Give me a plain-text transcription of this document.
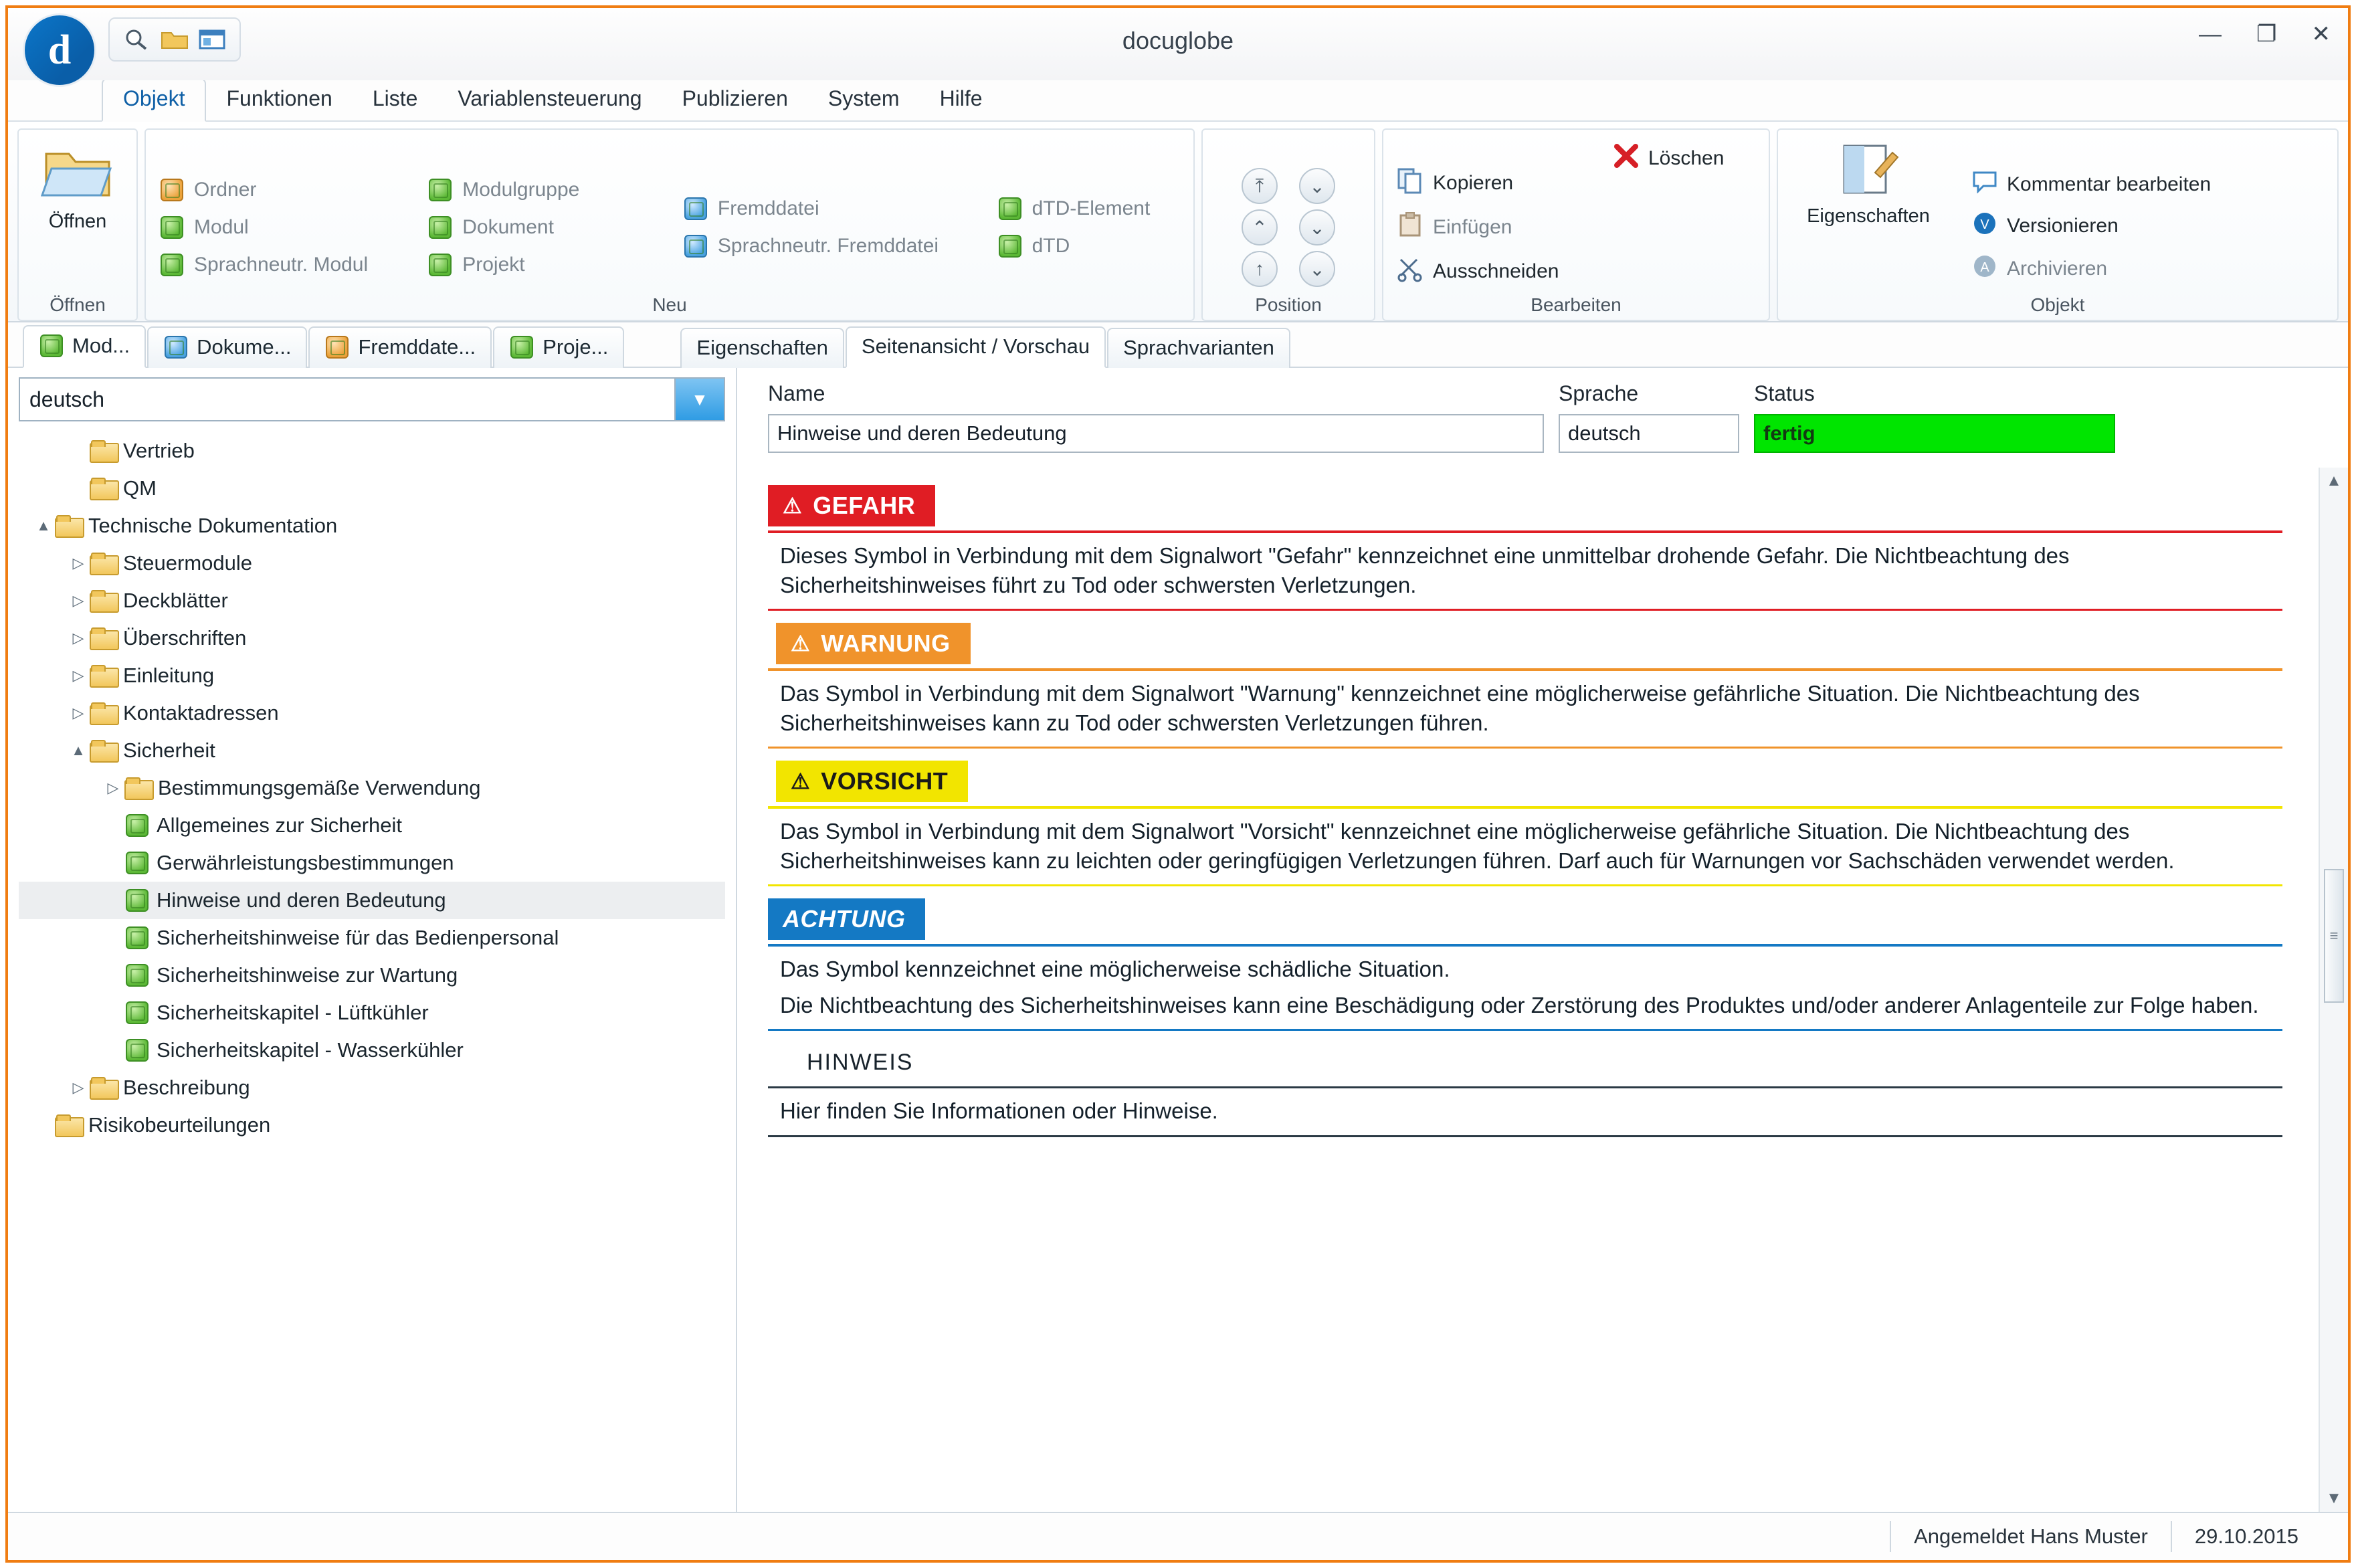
d	docuglobe	— ❐ ✕
Objekt	Funktionen	Liste	Variablensteuerung	Publizieren	System	Hilfe
Öffnen
Öffnen
Ordner
Modul
Sprachneutr. Modul
Modulgruppe
Dokument
Projekt
Fremddatei
Sprachneutr. Fremddatei
dTD-Element
dTD
Neu
⤒	⌄
⌃	⌄
↑	⌄
Position
Kopieren
Einfügen
Ausschneiden
Löschen
Bearbeiten
Eigenschaften
Kommentar bearbeiten
V Versionieren
A Archivieren
Objekt
Mod...	Dokume...	Fremddate...	Proje...	Eigenschaften Seitenansicht / Vorschau Sprachvarianten
deutsch	▼
Vertrieb
QM
▲	Technische Dokumentation
▷	Steuermodule
▷	Deckblätter
▷	Überschriften
▷	Einleitung
▷	Kontaktadressen
▲	Sicherheit
▷	Bestimmungsgemäße Verwendung
Allgemeines zur Sicherheit
Gerwährleistungsbestimmungen
Hinweise und deren Bedeutung
Sicherheitshinweise für das Bedienpersonal
Sicherheitshinweise zur Wartung
Sicherheitskapitel - Lüftkühler
Sicherheitskapitel - Wasserkühler
▷	Beschreibung
Risikobeurteilungen
Name
Hinweise und deren Bedeutung
Sprache
deutsch
Status
fertig
⚠ GEFAHR

Dieses Symbol in Verbindung mit dem Signalwort "Gefahr" kennzeichnet eine unmittelbar drohende Gefahr. Die Nichtbeachtung des Sicherheitshinweises führt zu Tod oder schwersten Verletzungen.

⚠ WARNUNG

Das Symbol in Verbindung mit dem Signalwort "Warnung" kennzeichnet eine möglicherweise gefährliche Situation. Die Nichtbeachtung des Sicherheitshinweises kann zu Tod oder schwersten Verletzungen führen.

⚠ VORSICHT

Das Symbol in Verbindung mit dem Signalwort "Vorsicht" kennzeichnet eine möglicherweise gefährliche Situation. Die Nichtbeachtung des Sicherheitshinweises kann zu leichten oder geringfügigen Verletzungen führen. Darf auch für Warnungen vor Sachschäden verwendet werden.

ACHTUNG

Das Symbol kennzeichnet eine möglicherweise schädliche Situation.

Die Nichtbeachtung des Sicherheitshinweises kann eine Beschädigung oder Zerstörung des Produktes und/oder anderer Anlagenteile zur Folge haben.

HINWEIS

Hier finden Sie Informationen oder Hinweise.

▲
≡
▼
Angemeldet Hans Muster	29.10.2015
